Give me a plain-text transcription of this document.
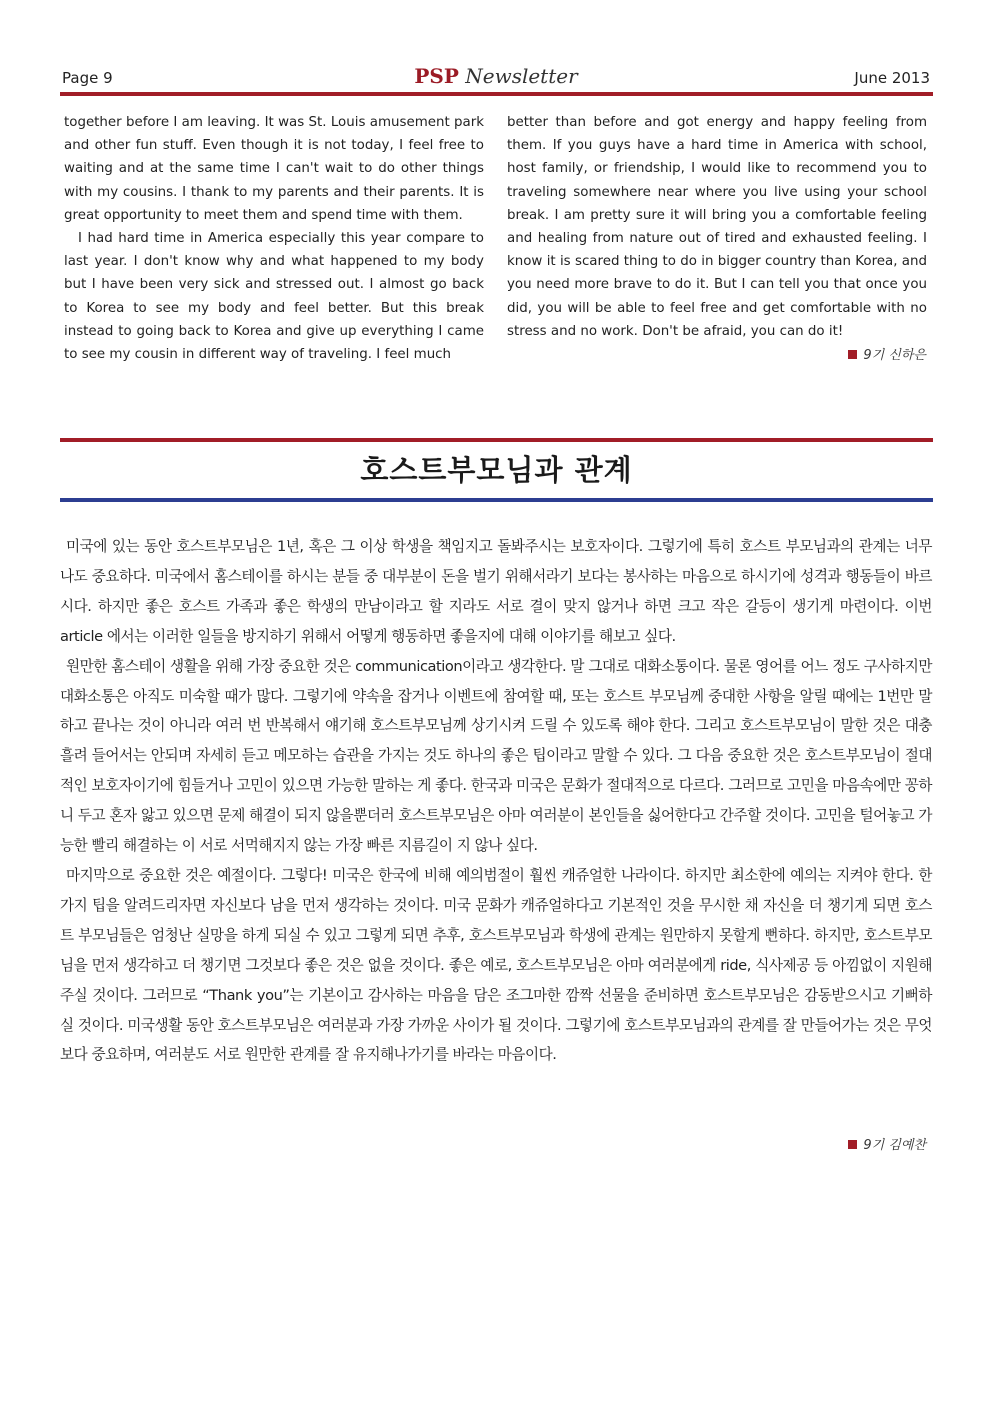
Page 9	PSP Newsletter	June 2013

together before I am leaving. It was St. Louis amusement park and other fun stuff. Even though it is not today, I feel free to waiting and at the same time I can't wait to do other things with my cousins. I thank to my parents and their parents. It is great opportunity to meet them and spend time with them.

I had hard time in America especially this year compare to last year. I don't know why and what happened to my body but I have been very sick and stressed out. I almost go back to Korea to see my body and feel better. But this break instead to going back to Korea and give up everything I came to see my cousin in different way of traveling. I feel much

better than before and got energy and happy feeling from them. If you guys have a hard time in America with school, host family, or friendship, I would like to recommend you to traveling somewhere near where you live using your school break. I am pretty sure it will bring you a comfortable feeling and healing from nature out of tired and exhausted feeling. I know it is scared thing to do in bigger country than Korea, and you need more brave to do it. But I can tell you that once you did, you will be able to feel free and get comfortable with no stress and no work. Don't be afraid, you can do it!

9기 신하은
호스트부모님과 관계

미국에 있는 동안 호스트부모님은 1년, 혹은 그 이상 학생을 책임지고 돌봐주시는 보호자이다. 그렇기에 특히 호스트 부모님과의 관계는 너무나도 중요하다. 미국에서 홈스테이를 하시는 분들 중 대부분이 돈을 벌기 위해서라기 보다는 봉사하는 마음으로 하시기에 성격과 행동들이 바르시다. 하지만 좋은 호스트 가족과 좋은 학생의 만남이라고 할 지라도 서로 결이 맞지 않거나 하면 크고 작은 갈등이 생기게 마련이다. 이번 article 에서는 이러한 일들을 방지하기 위해서 어떻게 행동하면 좋을지에 대해 이야기를 해보고 싶다.

원만한 홈스테이 생활을 위해 가장 중요한 것은 communication이라고 생각한다. 말 그대로 대화소통이다. 물론 영어를 어느 정도 구사하지만 대화소통은 아직도 미숙할 때가 많다. 그렇기에 약속을 잡거나 이벤트에 참여할 때, 또는 호스트 부모님께 중대한 사항을 알릴 때에는 1번만 말하고 끝나는 것이 아니라 여러 번 반복해서 얘기해 호스트부모님께 상기시켜 드릴 수 있도록 해야 한다. 그리고 호스트부모님이 말한 것은 대충 흘려 들어서는 안되며 자세히 듣고 메모하는 습관을 가지는 것도 하나의 좋은 팁이라고 말할 수 있다. 그 다음 중요한 것은 호스트부모님이 절대적인 보호자이기에 힘들거나 고민이 있으면 가능한 말하는 게 좋다. 한국과 미국은 문화가 절대적으로 다르다. 그러므로 고민을 마음속에만 꽁하니 두고 혼자 앓고 있으면 문제 해결이 되지 않을뿐더러 호스트부모님은 아마 여러분이 본인들을 싫어한다고 간주할 것이다. 고민을 털어놓고 가능한 빨리 해결하는 이 서로 서먹해지지 않는 가장 빠른 지름길이 지 않나 싶다.

마지막으로 중요한 것은 예절이다. 그렇다! 미국은 한국에 비해 예의범절이 훨씬 캐쥬얼한 나라이다. 하지만 최소한에 예의는 지켜야 한다. 한가지 팁을 알려드리자면 자신보다 남을 먼저 생각하는 것이다. 미국 문화가 캐쥬얼하다고 기본적인 것을 무시한 채 자신을 더 챙기게 되면 호스트 부모님들은 엄청난 실망을 하게 되실 수 있고 그렇게 되면 추후, 호스트부모님과 학생에 관계는 원만하지 못할게 뻔하다. 하지만, 호스트부모님을 먼저 생각하고 더 챙기면 그것보다 좋은 것은 없을 것이다. 좋은 예로, 호스트부모님은 아마 여러분에게 ride, 식사제공 등 아낌없이 지원해 주실 것이다. 그러므로 “Thank you”는 기본이고 감사하는 마음을 담은 조그마한 깜짝 선물을 준비하면 호스트부모님은 감동받으시고 기뻐하실 것이다. 미국생활 동안 호스트부모님은 여러분과 가장 가까운 사이가 될 것이다. 그렇기에 호스트부모님과의 관계를 잘 만들어가는 것은 무엇보다 중요하며, 여러분도 서로 원만한 관계를 잘 유지해나가기를 바라는 마음이다.

9기 김예찬
